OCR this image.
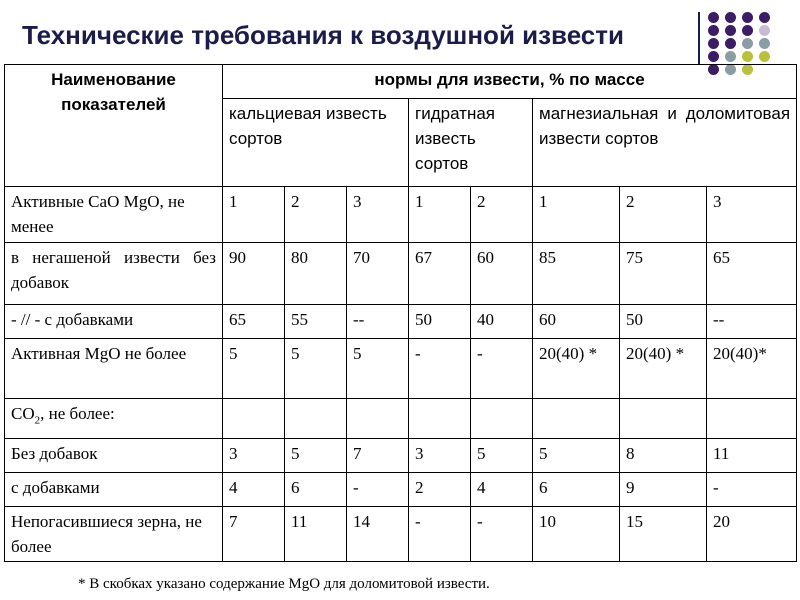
Технические требования к воздушной извести
Наименование показателей	нормы для извести, % по массе							
	кальциевая известь сортов			гидратная известь сортов		магнезиальная и доломитовая извести сортов		
Активные CaO MgO, не менее	1	2	3	1	2	1	2	3
в негашеной извести без добавок	90	80	70	67	60	85	75	65
- // - с добавками	65	55	--	50	40	60	50	--
Активная MgO не более	5	5	5	-	-	20(40) *	20(40) *	20(40)*
$CO_2$, не более:								
Без добавок	3	5	7	3	5	5	8	11
с добавками	4	6	-	2	4	6	9	-
Непогасившиеся зерна, не более	7	11	14	-	-	10	15	20
* В скобках указано содержание MgO для доломитовой извести.
